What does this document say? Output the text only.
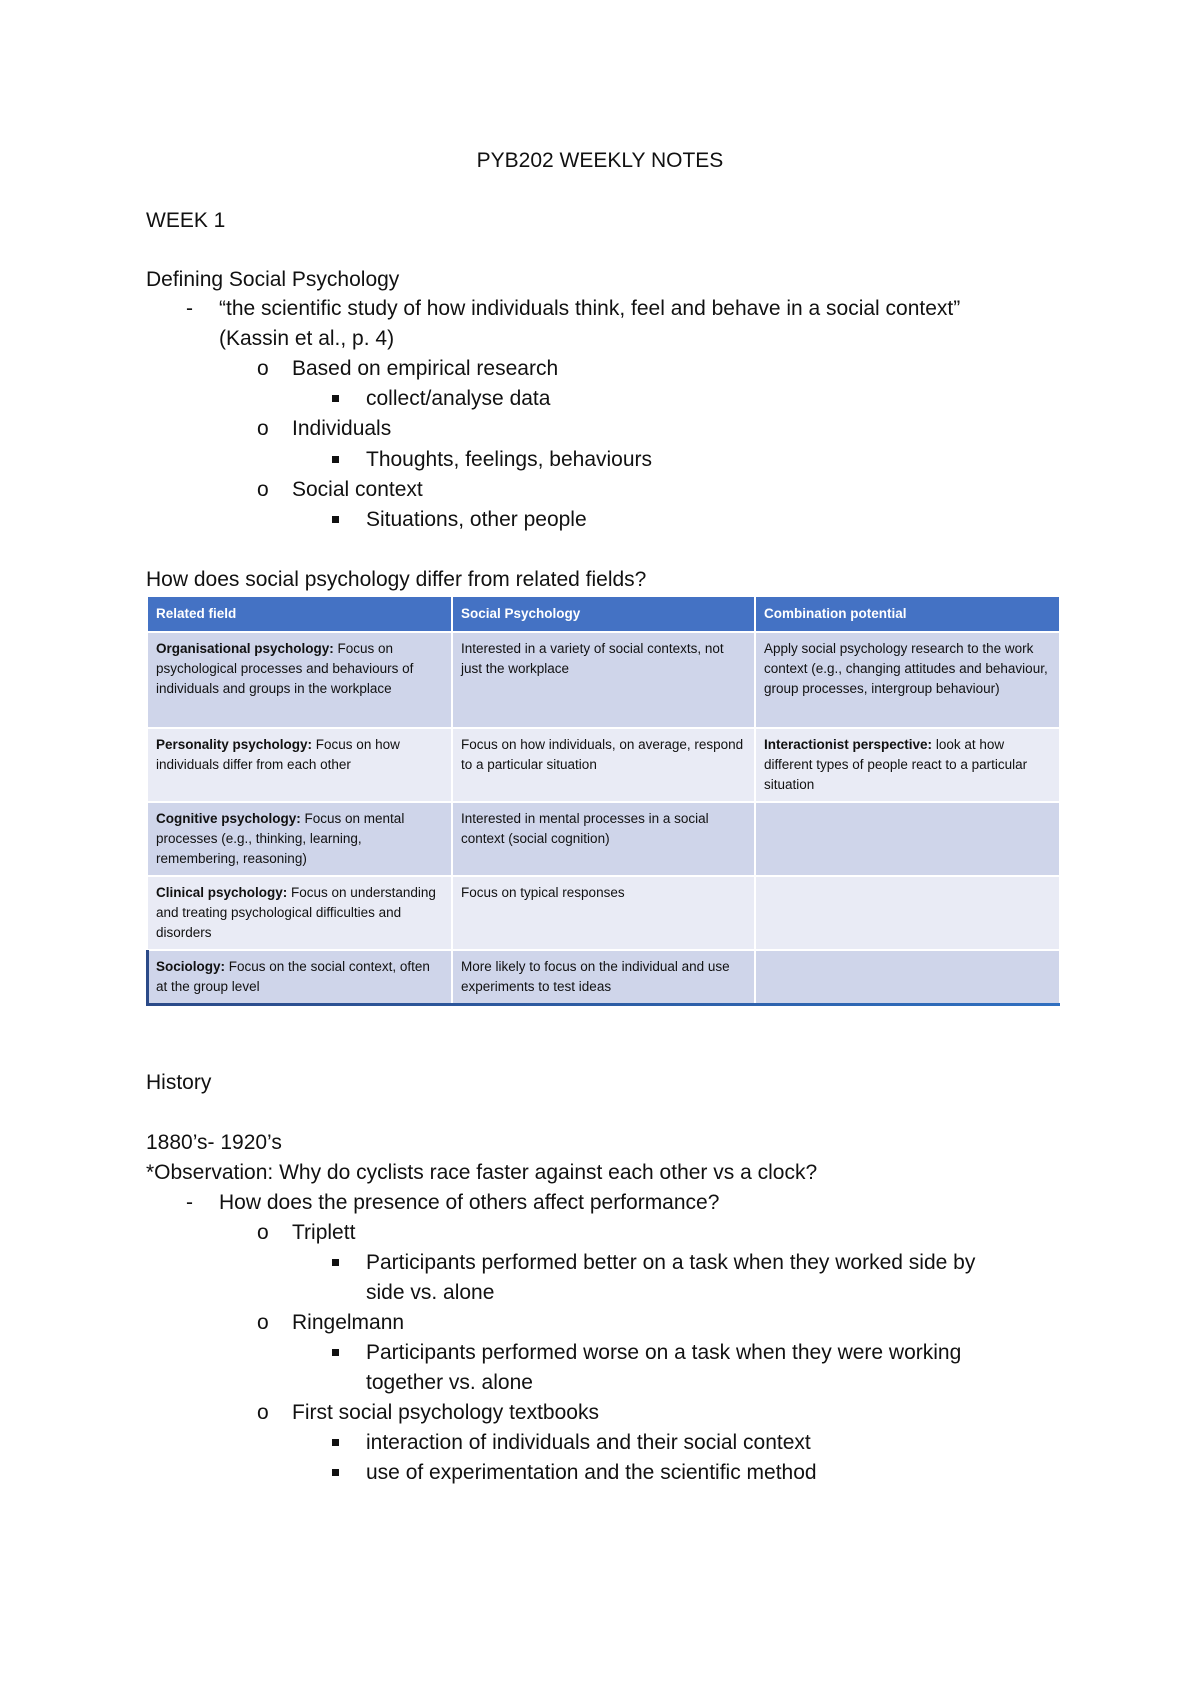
PYB202 WEEKLY NOTES
WEEK 1
Defining Social Psychology
- “the scientific study of how individuals think, feel and behave in a social context”
(Kassin et al., p. 4)
o Based on empirical research
collect/analyse data
o Individuals
Thoughts, feelings, behaviours
o Social context
Situations, other people
How does social psychology differ from related fields?
Related field	Social Psychology	Combination potential
Organisational psychology: Focus on psychological processes and behaviours of individuals and groups in the workplace	Interested in a variety of social contexts, not just the workplace	Apply social psychology research to the work context (e.g., changing attitudes and behaviour, group processes, intergroup behaviour)
Personality psychology: Focus on how individuals differ from each other	Focus on how individuals, on average, respond to a particular situation	Interactionist perspective: look at how different types of people react to a particular situation
Cognitive psychology: Focus on mental processes (e.g., thinking, learning, remembering, reasoning)	Interested in mental processes in a social context (social cognition)	
Clinical psychology: Focus on understanding and treating psychological difficulties and disorders	Focus on typical responses	
Sociology: Focus on the social context, often at the group level	More likely to focus on the individual and use experiments to test ideas	
History
1880’s- 1920’s
*Observation: Why do cyclists race faster against each other vs a clock?
- How does the presence of others affect performance?
o Triplett
Participants performed better on a task when they worked side by
side vs. alone
o Ringelmann
Participants performed worse on a task when they were working
together vs. alone
o First social psychology textbooks
interaction of individuals and their social context
use of experimentation and the scientific method
